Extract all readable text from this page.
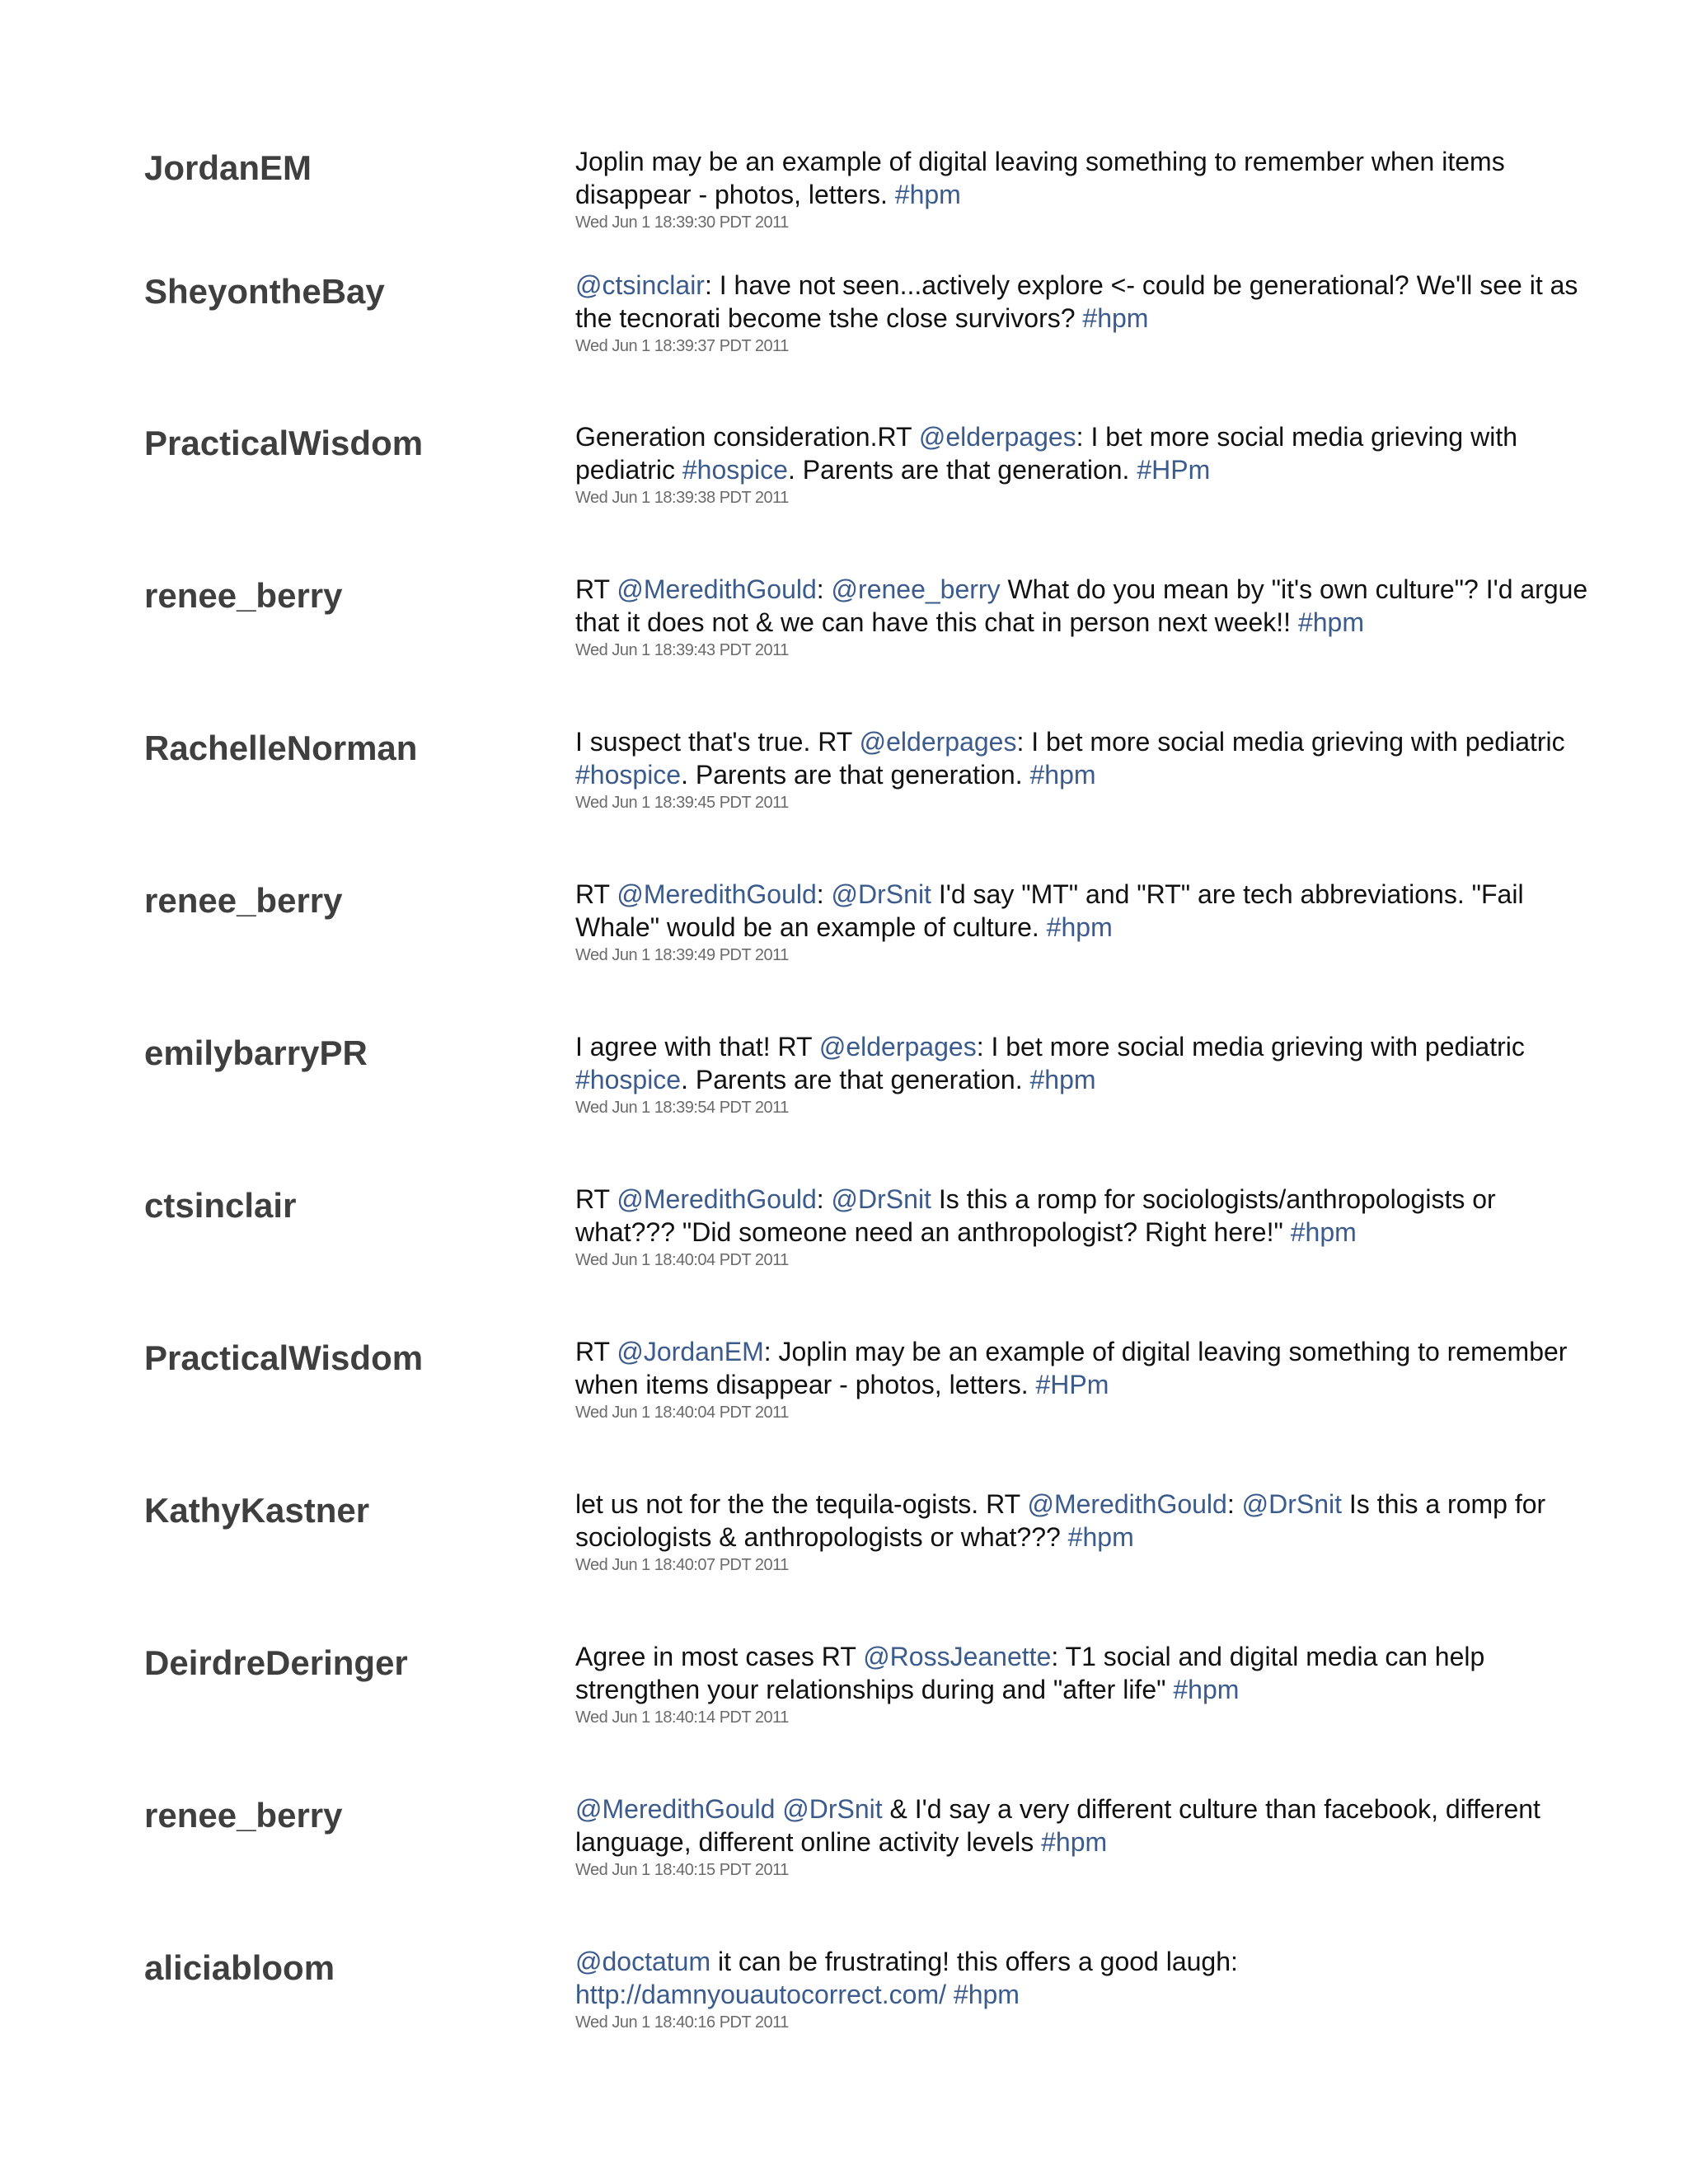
JordanEM	Joplin may be an example of digital leaving something to remember when items disappear - photos, letters. #hpm

Wed Jun 1 18:39:30 PDT 2011
SheyontheBay	@ctsinclair: I have not seen...actively explore <- could be generational? We'll see it as the tecnorati become tshe close survivors? #hpm

Wed Jun 1 18:39:37 PDT 2011
PracticalWisdom	Generation consideration.RT @elderpages: I bet more social media grieving with pediatric #hospice. Parents are that generation. #HPm

Wed Jun 1 18:39:38 PDT 2011
renee_berry	RT @MeredithGould: @renee_berry What do you mean by "it's own culture"? I'd argue that it does not & we can have this chat in person next week!! #hpm

Wed Jun 1 18:39:43 PDT 2011
RachelleNorman	I suspect that's true. RT @elderpages: I bet more social media grieving with pediatric #hospice. Parents are that generation. #hpm

Wed Jun 1 18:39:45 PDT 2011
renee_berry	RT @MeredithGould: @DrSnit I'd say "MT" and "RT" are tech abbreviations. "Fail Whale" would be an example of culture. #hpm

Wed Jun 1 18:39:49 PDT 2011
emilybarryPR	I agree with that! RT @elderpages: I bet more social media grieving with pediatric #hospice. Parents are that generation. #hpm

Wed Jun 1 18:39:54 PDT 2011
ctsinclair	RT @MeredithGould: @DrSnit Is this a romp for sociologists/anthropologists or what??? "Did someone need an anthropologist? Right here!" #hpm

Wed Jun 1 18:40:04 PDT 2011
PracticalWisdom	RT @JordanEM: Joplin may be an example of digital leaving something to remember when items disappear - photos, letters. #HPm

Wed Jun 1 18:40:04 PDT 2011
KathyKastner	let us not for the the tequila-ogists. RT @MeredithGould: @DrSnit Is this a romp for sociologists & anthropologists or what??? #hpm

Wed Jun 1 18:40:07 PDT 2011
DeirdreDeringer	Agree in most cases RT @RossJeanette: T1 social and digital media can help strengthen your relationships during and "after life" #hpm

Wed Jun 1 18:40:14 PDT 2011
renee_berry	@MeredithGould @DrSnit & I'd say a very different culture than facebook, different language, different online activity levels #hpm

Wed Jun 1 18:40:15 PDT 2011
aliciabloom	@doctatum it can be frustrating! this offers a good laugh: http://damnyouautocorrect.com/ #hpm

Wed Jun 1 18:40:16 PDT 2011
